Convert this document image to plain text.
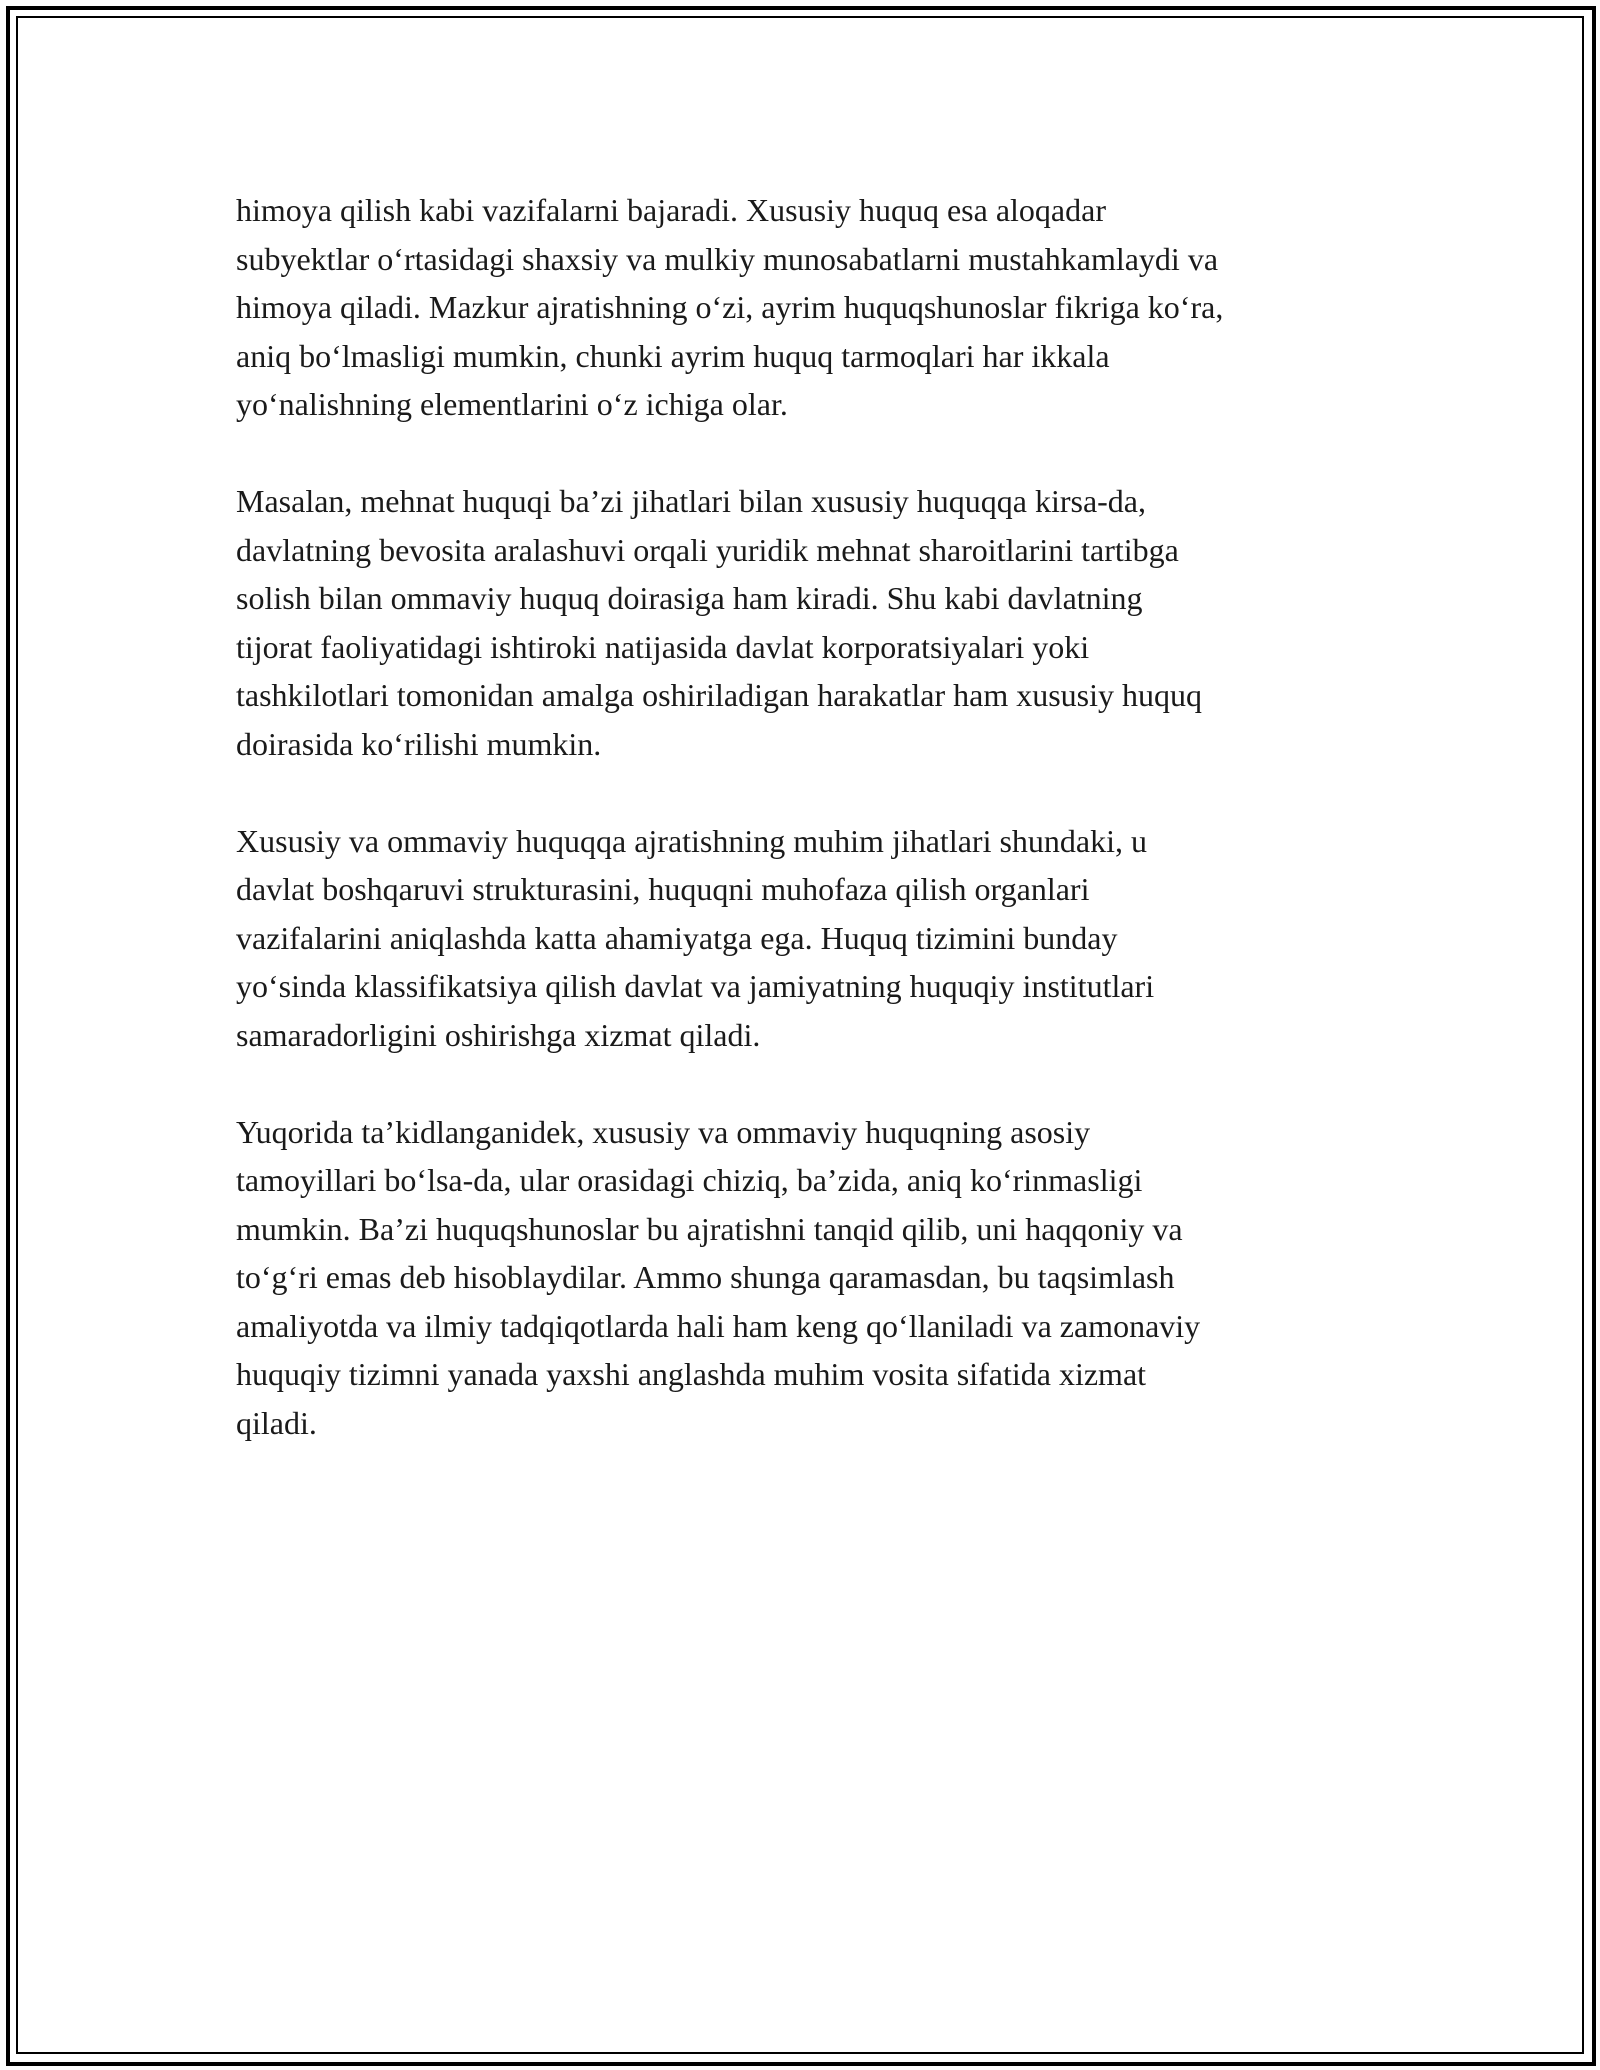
himoya qilish kabi vazifalarni bajaradi. Xususiy huquq esa aloqadar
subyektlar o‘rtasidagi shaxsiy va mulkiy munosabatlarni mustahkamlaydi va
himoya qiladi. Mazkur ajratishning o‘zi, ayrim huquqshunoslar fikriga ko‘ra,
aniq bo‘lmasligi mumkin, chunki ayrim huquq tarmoqlari har ikkala
yo‘nalishning elementlarini o‘z ichiga olar.

Masalan, mehnat huquqi ba’zi jihatlari bilan xususiy huquqqa kirsa-da,
davlatning bevosita aralashuvi orqali yuridik mehnat sharoitlarini tartibga
solish bilan ommaviy huquq doirasiga ham kiradi. Shu kabi davlatning
tijorat faoliyatidagi ishtiroki natijasida davlat korporatsiyalari yoki
tashkilotlari tomonidan amalga oshiriladigan harakatlar ham xususiy huquq
doirasida ko‘rilishi mumkin.

Xususiy va ommaviy huquqqa ajratishning muhim jihatlari shundaki, u
davlat boshqaruvi strukturasini, huquqni muhofaza qilish organlari
vazifalarini aniqlashda katta ahamiyatga ega. Huquq tizimini bunday
yo‘sinda klassifikatsiya qilish davlat va jamiyatning huquqiy institutlari
samaradorligini oshirishga xizmat qiladi.

Yuqorida ta’kidlanganidek, xususiy va ommaviy huquqning asosiy
tamoyillari bo‘lsa-da, ular orasidagi chiziq, ba’zida, aniq ko‘rinmasligi
mumkin. Ba’zi huquqshunoslar bu ajratishni tanqid qilib, uni haqqoniy va
to‘g‘ri emas deb hisoblaydilar. Ammo shunga qaramasdan, bu taqsimlash
amaliyotda va ilmiy tadqiqotlarda hali ham keng qo‘llaniladi va zamonaviy
huquqiy tizimni yanada yaxshi anglashda muhim vosita sifatida xizmat
qiladi.
